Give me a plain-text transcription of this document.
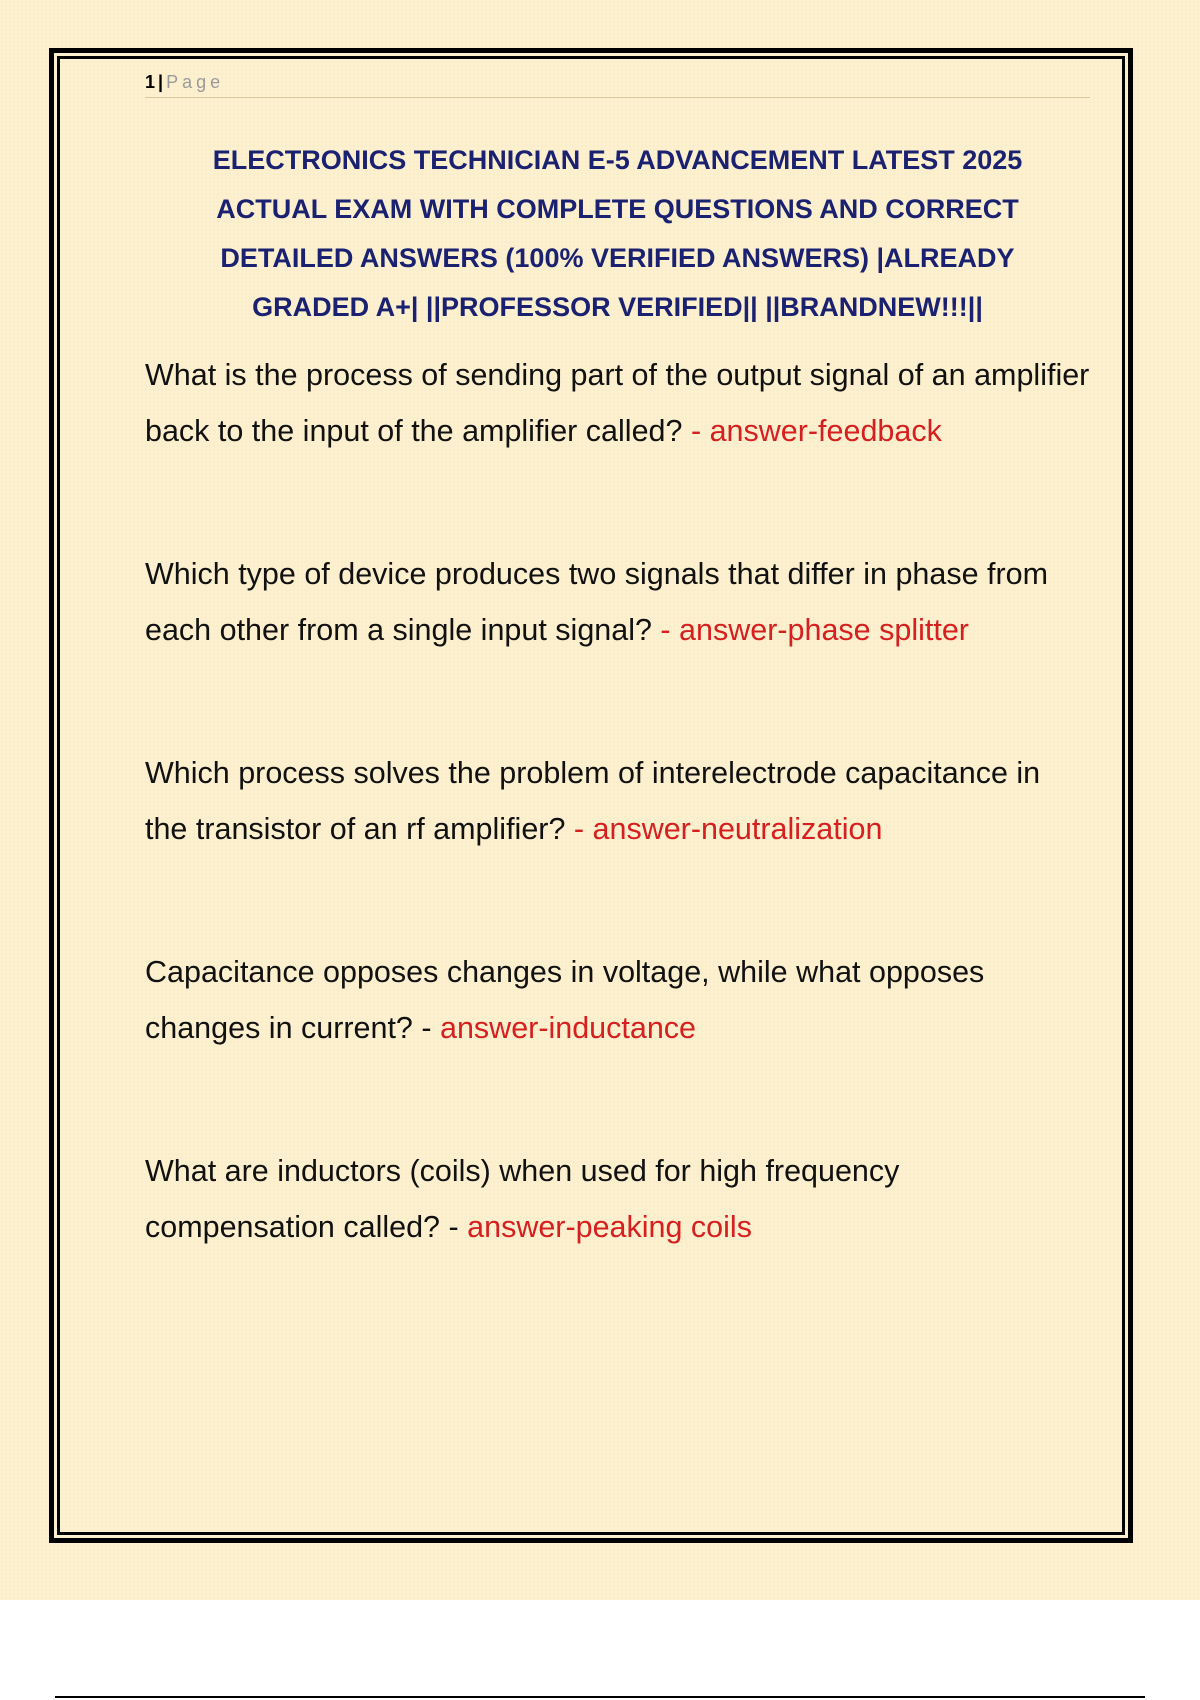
1 | Page
ELECTRONICS TECHNICIAN E-5 ADVANCEMENT LATEST 2025 ACTUAL EXAM WITH COMPLETE QUESTIONS AND CORRECT DETAILED ANSWERS (100% VERIFIED ANSWERS) |ALREADY GRADED A+| ||PROFESSOR VERIFIED|| ||BRANDNEW!!!||
What is the process of sending part of the output signal of an amplifier back to the input of the amplifier called? - answer-feedback
Which type of device produces two signals that differ in phase from each other from a single input signal? - answer-phase splitter
Which process solves the problem of interelectrode capacitance in the transistor of an rf amplifier? - answer-neutralization
Capacitance opposes changes in voltage, while what opposes changes in current? - answer-inductance
What are inductors (coils) when used for high frequency compensation called? - answer-peaking coils
